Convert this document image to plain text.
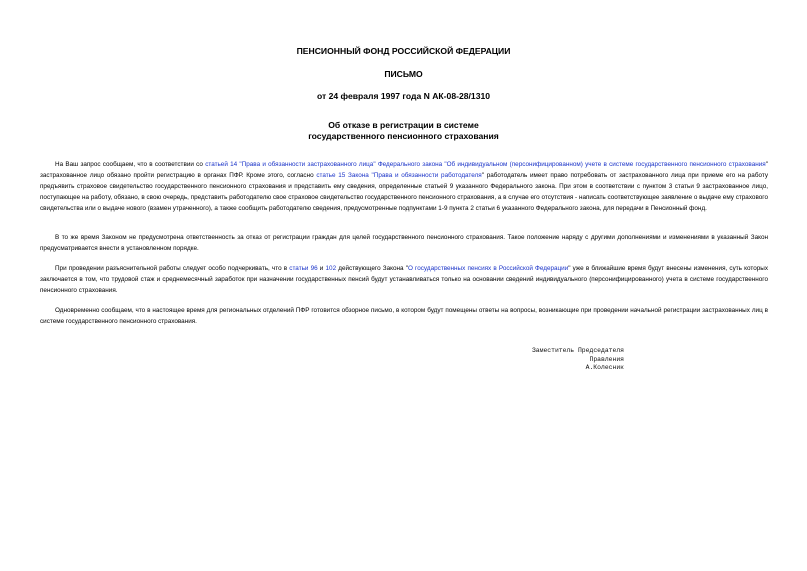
ПЕНСИОННЫЙ ФОНД РОССИЙСКОЙ ФЕДЕРАЦИИ
ПИСЬМО
от 24 февраля 1997 года N АК-08-28/1310
Об отказе в регистрации в системе
государственного пенсионного страхования

На Ваш запрос сообщаем, что в соответствии со статьей 14 "Права и обязанности застрахованного лица" Федерального закона "Об индивидуальном (персонифицированном) учете в системе государственного пенсионного страхования" застрахованное лицо обязано пройти регистрацию в органах ПФР. Кроме этого, согласно статье 15 Закона "Права и обязанности работодателя" работодатель имеет право потребовать от застрахованного лица при приеме его на работу предъявить страховое свидетельство государственного пенсионного страхования и представить ему сведения, определенные статьей 9 указанного Федерального закона. При этом в соответствии с пунктом 3 статьи 9 застрахованное лицо, поступающее на работу, обязано, в свою очередь, представить работодателю свое страховое свидетельство государственного пенсионного страхования, а в случае его отсутствия - написать соответствующее заявление о выдаче ему страхового свидетельства или о выдаче нового (взамен утраченного), а также сообщить работодателю сведения, предусмотренные подпунктами 1-9 пункта 2 статьи 6 указанного Федерального закона, для передачи в Пенсионный фонд.

В то же время Законом не предусмотрена ответственность за отказ от регистрации граждан для целей государственного пенсионного страхования. Такое положение наряду с другими дополнениями и изменениями в указанный Закон предусматривается внести в установленном порядке.

При проведении разъяснительной работы следует особо подчеркивать, что в статьи 96 и 102 действующего Закона "О государственных пенсиях в Российской Федерации" уже в ближайшие время будут внесены изменения, суть которых заключается в том, что трудовой стаж и среднемесячный заработок при назначении государственных пенсий будут устанавливаться только на основании сведений индивидуального (персонифицированного) учета в системе государственного пенсионного страхования.

Одновременно сообщаем, что в настоящее время для региональных отделений ПФР готовится обзорное письмо, в котором будут помещены ответы на вопросы, возникающие при проведении начальной регистрации застрахованных лиц в системе государственного пенсионного страхования.

Заместитель Председателя
Правления
А.Колесник
